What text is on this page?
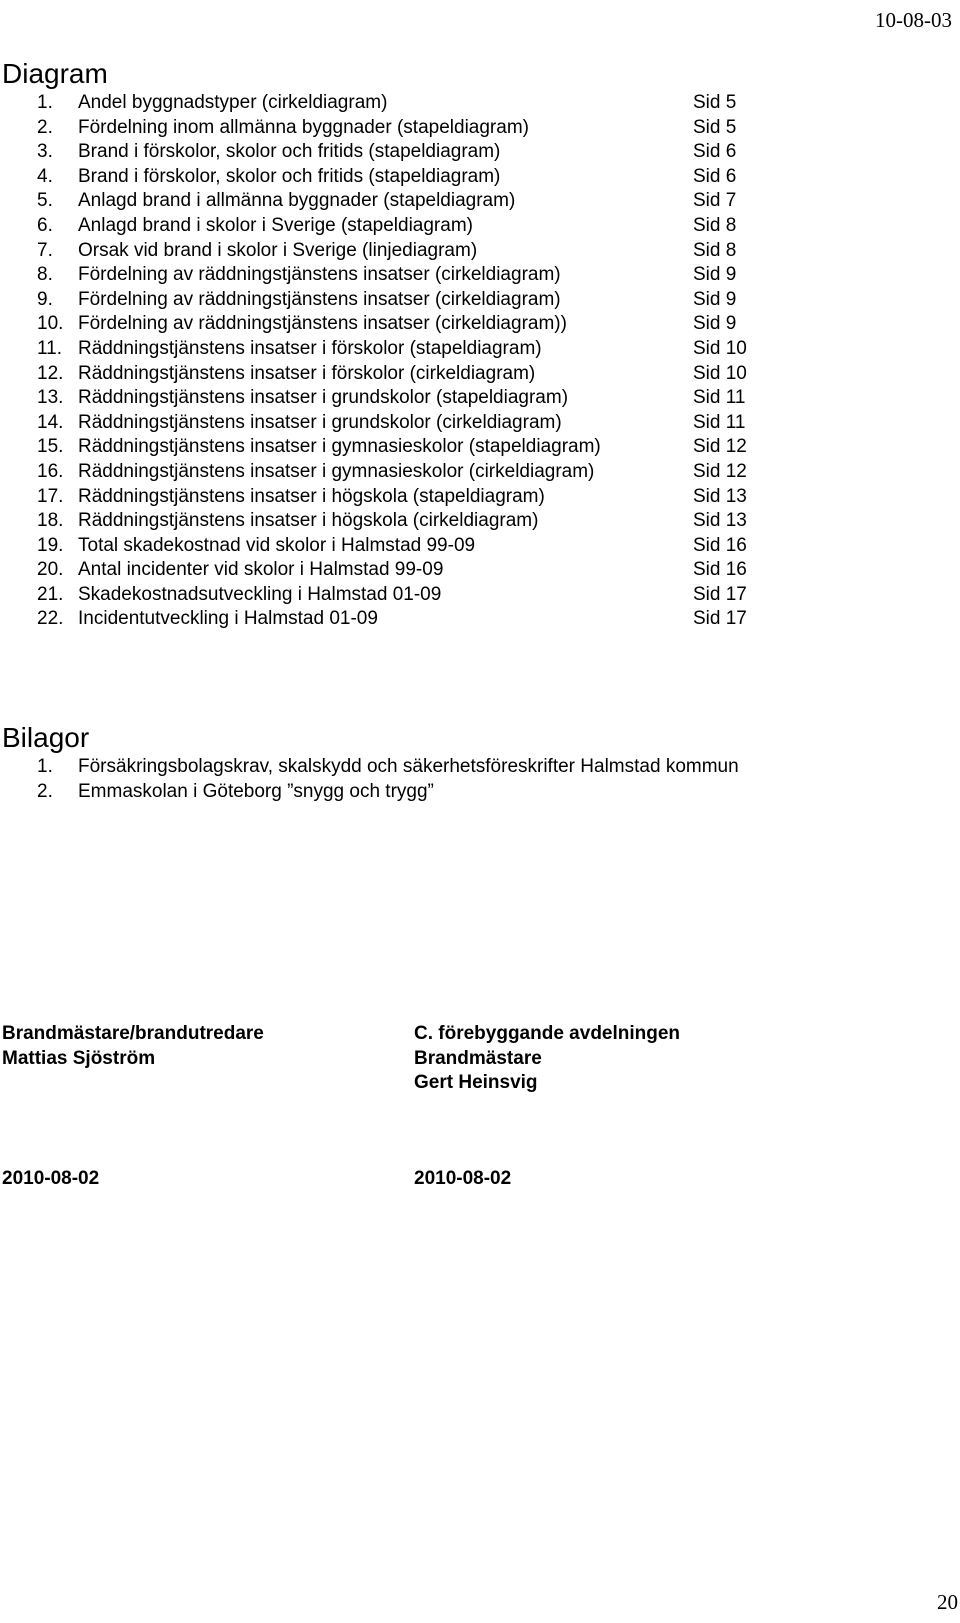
10-08-03
Diagram
1. Andel byggnadstyper (cirkeldiagram)	Sid 5
2. Fördelning inom allmänna byggnader (stapeldiagram)	Sid 5
3. Brand i förskolor, skolor och fritids (stapeldiagram)	Sid 6
4. Brand i förskolor, skolor och fritids (stapeldiagram)	Sid 6
5. Anlagd brand i allmänna byggnader (stapeldiagram)	Sid 7
6. Anlagd brand i skolor i Sverige (stapeldiagram)	Sid 8
7. Orsak vid brand i skolor i Sverige (linjediagram)	Sid 8
8. Fördelning av räddningstjänstens insatser (cirkeldiagram)	Sid 9
9. Fördelning av räddningstjänstens insatser (cirkeldiagram)	Sid 9
10. Fördelning av räddningstjänstens insatser (cirkeldiagram))	Sid 9
11. Räddningstjänstens insatser i förskolor (stapeldiagram)	Sid 10
12. Räddningstjänstens insatser i förskolor (cirkeldiagram)	Sid 10
13. Räddningstjänstens insatser i grundskolor (stapeldiagram)	Sid 11
14. Räddningstjänstens insatser i grundskolor (cirkeldiagram)	Sid 11
15. Räddningstjänstens insatser i gymnasieskolor (stapeldiagram)	Sid 12
16. Räddningstjänstens insatser i gymnasieskolor (cirkeldiagram)	Sid 12
17. Räddningstjänstens insatser i högskola (stapeldiagram)	Sid 13
18. Räddningstjänstens insatser i högskola (cirkeldiagram)	Sid 13
19. Total skadekostnad vid skolor i Halmstad 99-09	Sid 16
20. Antal incidenter vid skolor i Halmstad 99-09	Sid 16
21. Skadekostnadsutveckling i Halmstad 01-09	Sid 17
22. Incidentutveckling i Halmstad 01-09	Sid 17
Bilagor
1. Försäkringsbolagskrav, skalskydd och säkerhetsföreskrifter Halmstad kommun
2. Emmaskolan i Göteborg ”snygg och trygg”
Brandmästare/brandutredare
Mattias Sjöström
C. förebyggande avdelningen
Brandmästare
Gert Heinsvig
2010-08-02	2010-08-02
20
